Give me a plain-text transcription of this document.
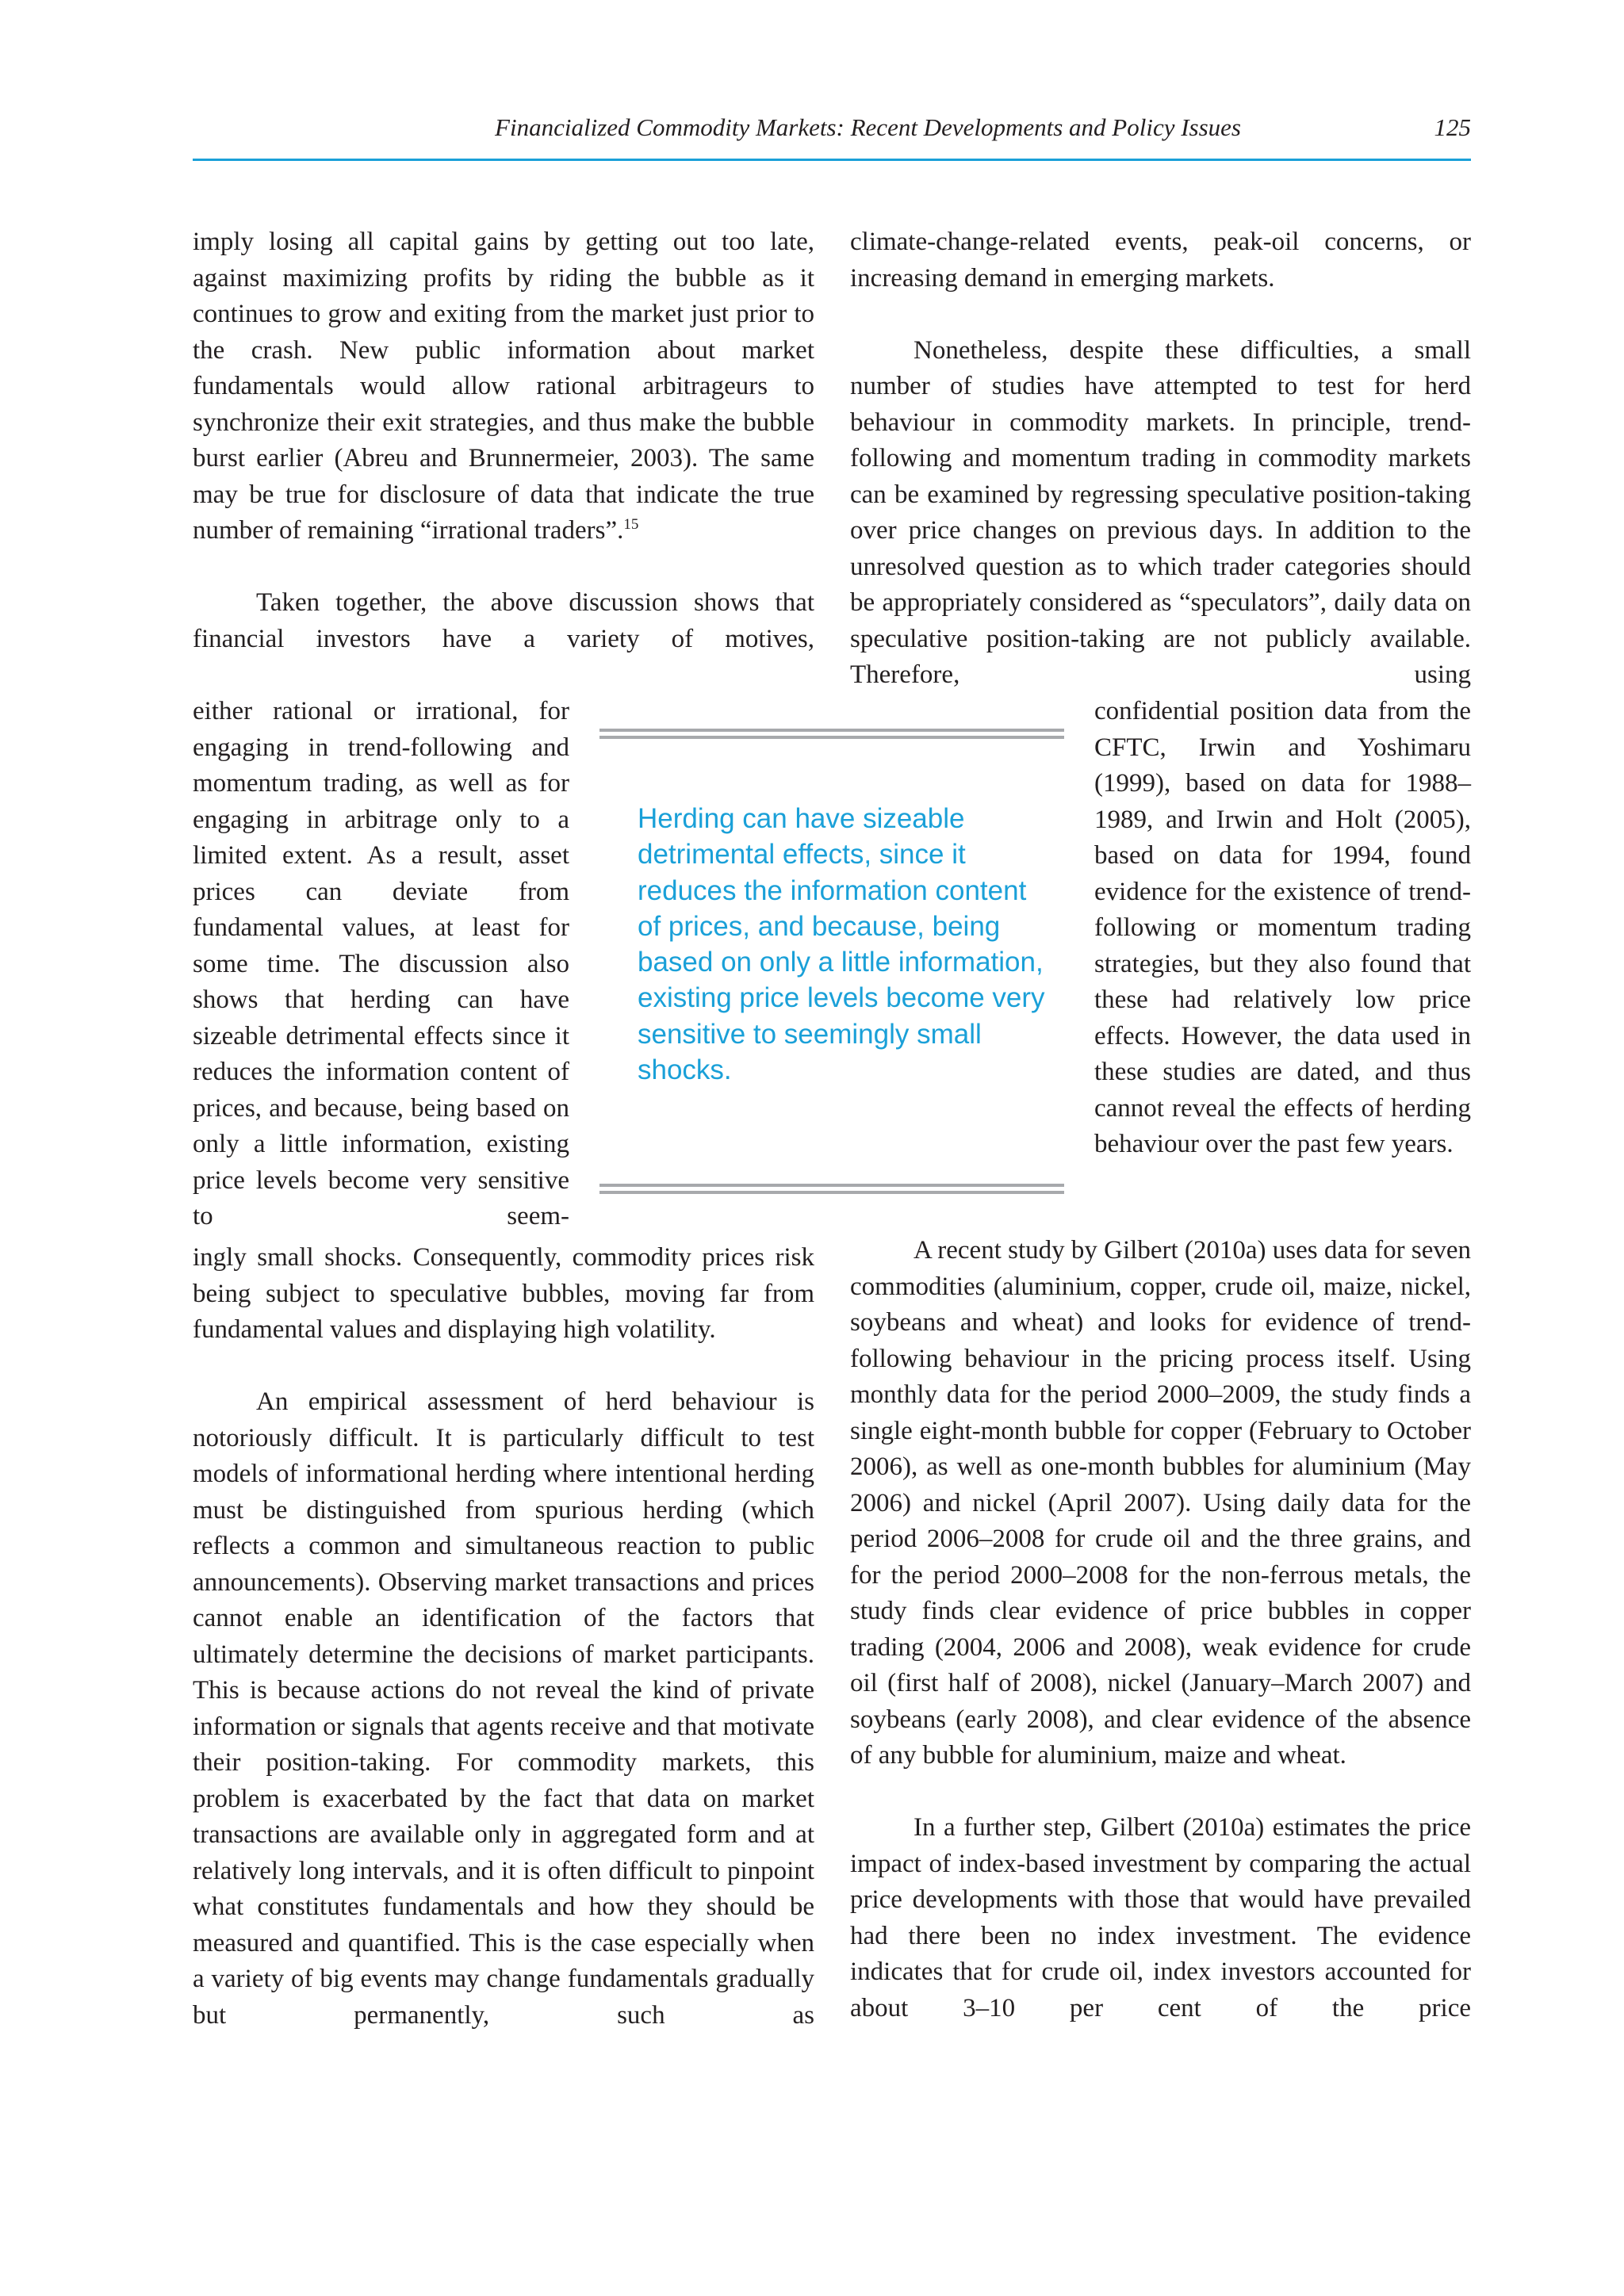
Financialized Commodity Markets: Recent Developments and Policy Issues	125

imply losing all capital gains by getting out too late, against maximizing profits by riding the bubble as it continues to grow and exiting from the market just prior to the crash. New public information about market fundamentals would allow rational arbitrageurs to synchronize their exit strategies, and thus make the bubble burst earlier (Abreu and Brunnermeier, 2003). The same may be true for disclosure of data that indicate the true number of remaining “irrational traders”.$^{15}$

Taken together, the above discussion shows that financial investors have a variety of motives,

either rational or irrational, for engaging in trend-following and momentum trading, as well as for engaging in arbitrage only to a limited extent. As a result, asset prices can deviate from fundamental values, at least for some time. The discussion also shows that herding can have sizeable detrimental effects since it reduces the information content of prices, and because, being based on only a little information, existing price levels become very sensitive to seem-

ingly small shocks. Consequently, commodity prices risk being subject to speculative bubbles, moving far from fundamental values and displaying high volatility.

An empirical assessment of herd behaviour is notoriously difficult. It is particularly difficult to test models of informational herding where intentional herding must be distinguished from spurious herding (which reflects a common and simultaneous reaction to public announcements). Observing market transactions and prices cannot enable an identification of the factors that ultimately determine the decisions of market participants. This is because actions do not reveal the kind of private information or signals that agents receive and that motivate their position-taking. For commodity markets, this problem is exacerbated by the fact that data on market transactions are available only in aggregated form and at relatively long intervals, and it is often difficult to pinpoint what constitutes fundamentals and how they should be measured and quantified. This is the case especially when a variety of big events may change fundamentals gradually but permanently, such as

climate-change-related events, peak-oil concerns, or increasing demand in emerging markets.

Nonetheless, despite these difficulties, a small number of studies have attempted to test for herd behaviour in commodity markets. In principle, trend-following and momentum trading in commodity markets can be examined by regressing speculative position-taking over price changes on previous days. In addition to the unresolved question as to which trader categories should be appropriately considered as “speculators”, daily data on speculative position-taking are not publicly available. Therefore, using

confidential position data from the CFTC, Irwin and Yoshimaru (1999), based on data for 1988–1989, and Irwin and Holt (2005), based on data for 1994, found evidence for the existence of trend-following or momentum trading strategies, but they also found that these had relatively low price effects. However, the data used in these studies are dated, and thus cannot reveal the effects of herding behaviour over the past few years.

A recent study by Gilbert (2010a) uses data for seven commodities (aluminium, copper, crude oil, maize, nickel, soybeans and wheat) and looks for evidence of trend-following behaviour in the pricing process itself. Using monthly data for the period 2000–2009, the study finds a single eight-month bubble for copper (February to October 2006), as well as one-month bubbles for aluminium (May 2006) and nickel (April 2007). Using daily data for the period 2006–2008 for crude oil and the three grains, and for the period 2000–2008 for the non-ferrous metals, the study finds clear evidence of price bubbles in copper trading (2004, 2006 and 2008), weak evidence for crude oil (first half of 2008), nickel (January–March 2007) and soybeans (early 2008), and clear evidence of the absence of any bubble for aluminium, maize and wheat.

In a further step, Gilbert (2010a) estimates the price impact of index-based investment by comparing the actual price developments with those that would have prevailed had there been no index investment. The evidence indicates that for crude oil, index investors accounted for about 3–10 per cent of the price

Herding can have sizeable detrimental effects, since it reduces the information content of prices, and because, being based on only a little information, existing price levels become very sensitive to seemingly small shocks.
